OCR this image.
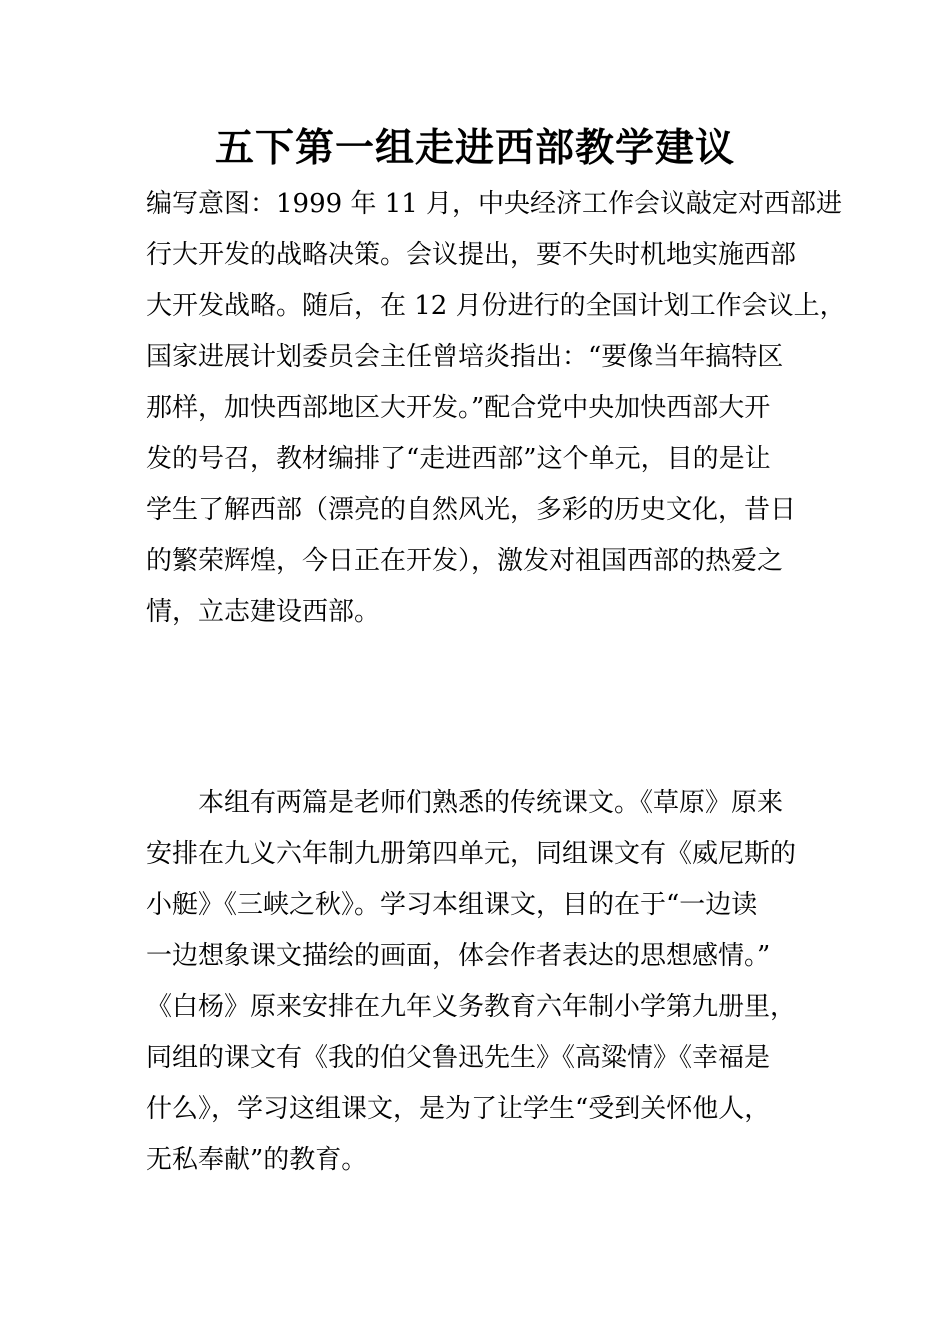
五下第一组走进西部教学建议
编写意图：1999 年 11 月，中央经济工作会议敲定对西部进
行大开发的战略决策。会议提出，要不失时机地实施西部
大开发战略。随后，在 12 月份进行的全国计划工作会议上，
国家进展计划委员会主任曾培炎指出：“要像当年搞特区
那样，加快西部地区大开发。”配合党中央加快西部大开
发的号召，教材编排了“走进西部”这个单元，目的是让
学生了解西部（漂亮的自然风光，多彩的历史文化，昔日
的繁荣辉煌，今日正在开发），激发对祖国西部的热爱之
情，立志建设西部。
　　本组有两篇是老师们熟悉的传统课文。《草原》原来
安排在九义六年制九册第四单元，同组课文有《威尼斯的
小艇》《三峡之秋》。学习本组课文，目的在于“一边读
一边想象课文描绘的画面，体会作者表达的思想感情。”
《白杨》原来安排在九年义务教育六年制小学第九册里，
同组的课文有《我的伯父鲁迅先生》《高粱情》《幸福是
什么》，学习这组课文，是为了让学生“受到关怀他人，
无私奉献”的教育。
